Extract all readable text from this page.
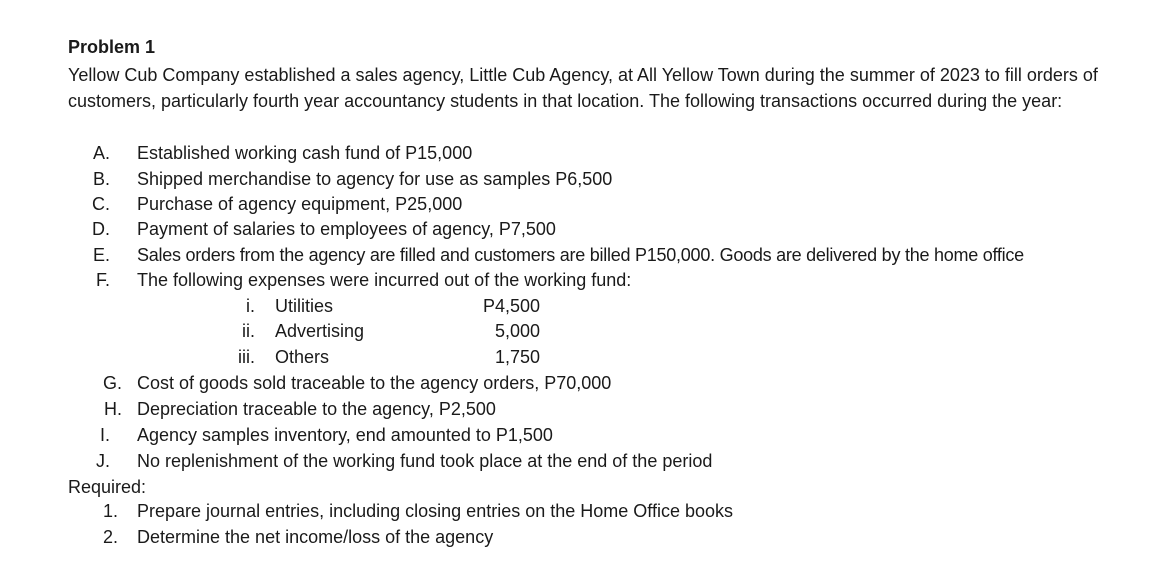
Problem 1
Yellow Cub Company established a sales agency, Little Cub Agency, at All Yellow Town during the summer of 2023 to fill orders of customers, particularly fourth year accountancy students in that location. The following transactions occurred during the year:
A. Established working cash fund of P15,000
B. Shipped merchandise to agency for use as samples P6,500
C. Purchase of agency equipment, P25,000
D. Payment of salaries to employees of agency, P7,500
E. Sales orders from the agency are filled and customers are billed P150,000. Goods are delivered by the home office
F. The following expenses were incurred out of the working fund:
i. Utilities	P4,500
ii. Advertising	5,000
iii. Others	1,750
G. Cost of goods sold traceable to the agency orders, P70,000
H. Depreciation traceable to the agency, P2,500
I. Agency samples inventory, end amounted to P1,500
J. No replenishment of the working fund took place at the end of the period
Required:
1. Prepare journal entries, including closing entries on the Home Office books
2. Determine the net income/loss of the agency
